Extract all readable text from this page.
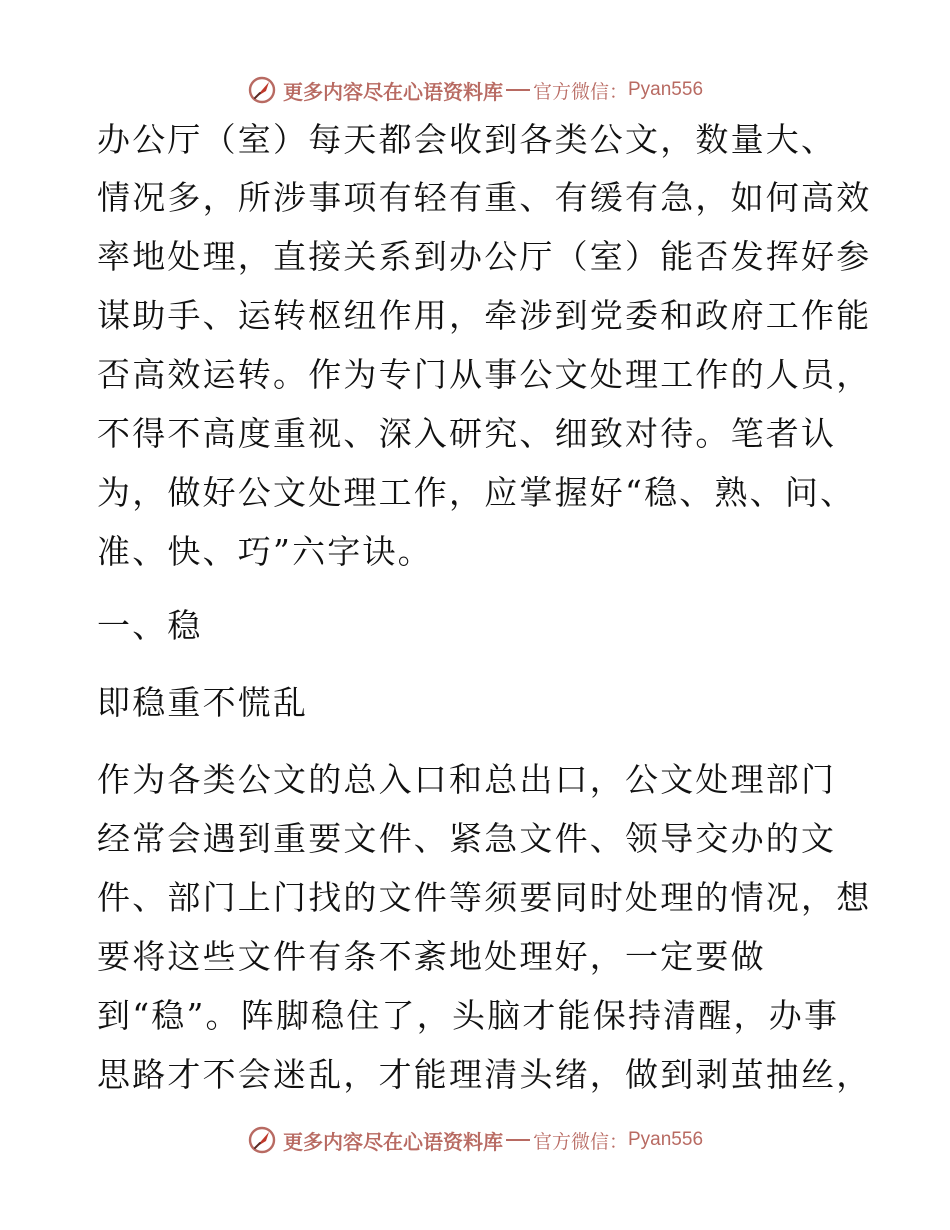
更多内容尽在心语资料库 官方微信： Pyan556
办公厅（室）每天都会收到各类公文，数量大、
情况多，所涉事项有轻有重、有缓有急，如何高效
率地处理，直接关系到办公厅（室）能否发挥好参
谋助手、运转枢纽作用，牵涉到党委和政府工作能
否高效运转。作为专门从事公文处理工作的人员，
不得不高度重视、深入研究、细致对待。笔者认
为，做好公文处理工作，应掌握好“稳、熟、问、
准、快、巧”六字诀。
一、稳
即稳重不慌乱
作为各类公文的总入口和总出口，公文处理部门
经常会遇到重要文件、紧急文件、领导交办的文
件、部门上门找的文件等须要同时处理的情况，想
要将这些文件有条不紊地处理好，一定要做
到“稳”。阵脚稳住了，头脑才能保持清醒，办事
思路才不会迷乱，才能理清头绪，做到剥茧抽丝，
更多内容尽在心语资料库 官方微信： Pyan556
